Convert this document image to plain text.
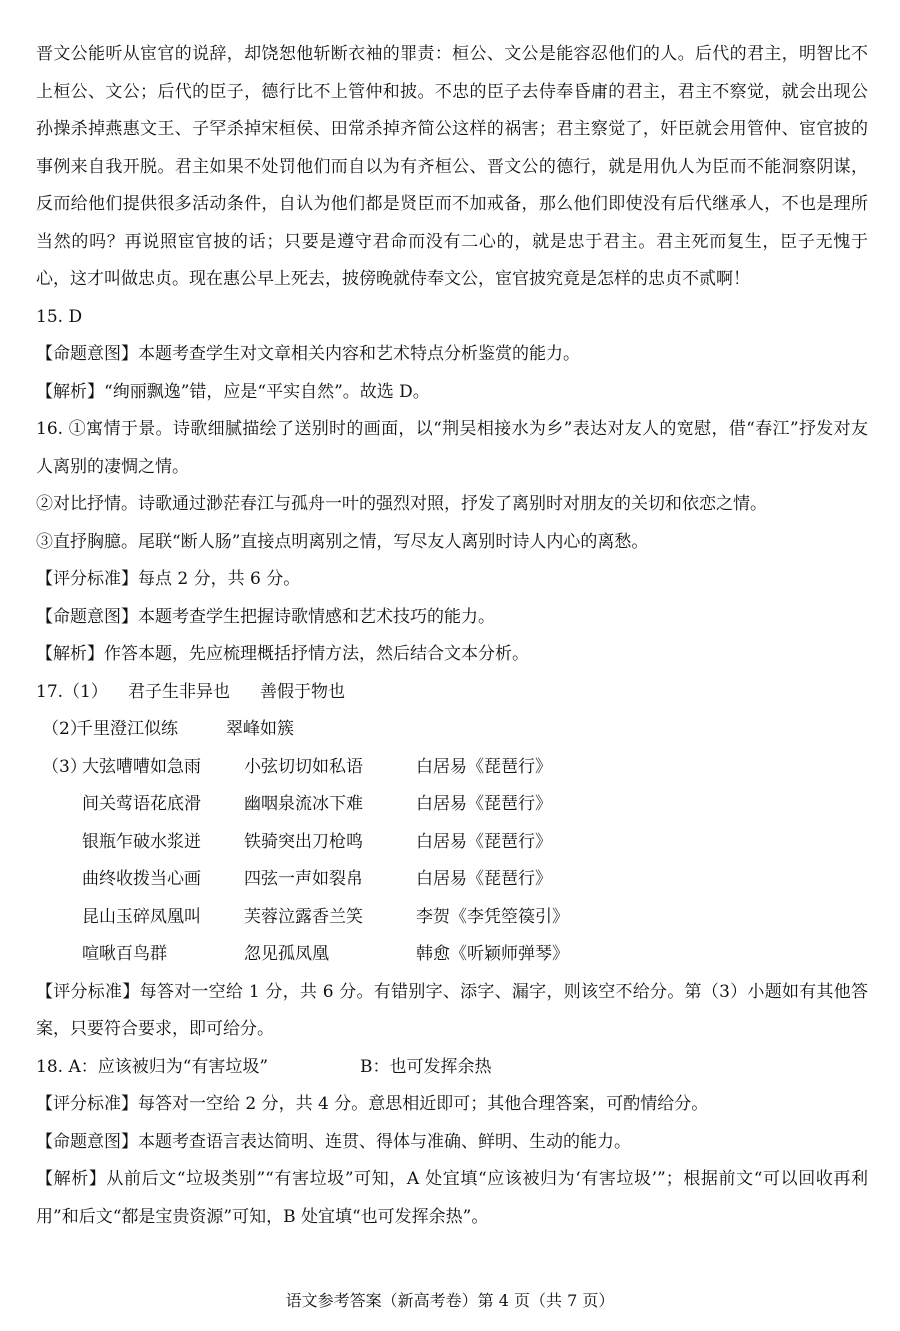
晋文公能听从宦官的说辞，却饶恕他斩断衣袖的罪责：桓公、文公是能容忍他们的人。后代的君主，明智比不上桓公、文公；后代的臣子，德行比不上管仲和披。不忠的臣子去侍奉昏庸的君主，君主不察觉，就会出现公孙操杀掉燕惠文王、子罕杀掉宋桓侯、田常杀掉齐简公这样的祸害；君主察觉了，奸臣就会用管仲、宦官披的事例来自我开脱。君主如果不处罚他们而自以为有齐桓公、晋文公的德行，就是用仇人为臣而不能洞察阴谋，反而给他们提供很多活动条件，自认为他们都是贤臣而不加戒备，那么他们即使没有后代继承人，不也是理所当然的吗？再说照宦官披的话；只要是遵守君命而没有二心的，就是忠于君主。君主死而复生，臣子无愧于心，这才叫做忠贞。现在惠公早上死去，披傍晚就侍奉文公，宦官披究竟是怎样的忠贞不贰啊！
15. D
【命题意图】本题考查学生对文章相关内容和艺术特点分析鉴赏的能力。
【解析】“绚丽飘逸”错，应是“平实自然”。故选 D。
16. ①寓情于景。诗歌细腻描绘了送别时的画面，以“荆吴相接水为乡”表达对友人的宽慰，借“春江”抒发对友人离别的凄惆之情。
②对比抒情。诗歌通过渺茫春江与孤舟一叶的强烈对照，抒发了离别时对朋友的关切和依恋之情。
③直抒胸臆。尾联“断人肠”直接点明离别之情，写尽友人离别时诗人内心的离愁。
【评分标准】每点 2 分，共 6 分。
【命题意图】本题考查学生把握诗歌情感和艺术技巧的能力。
【解析】作答本题，先应梳理概括抒情方法，然后结合文本分析。
17.（1）	君子生非异也	善假于物也
（2）
千里澄江似练	翠峰如簇
（3）
大弦嘈嘈如急雨	小弦切切如私语	白居易《琵琶行》
间关莺语花底滑	幽咽泉流冰下难	白居易《琵琶行》
银瓶乍破水浆迸	铁骑突出刀枪鸣	白居易《琵琶行》
曲终收拨当心画	四弦一声如裂帛	白居易《琵琶行》
昆山玉碎凤凰叫	芙蓉泣露香兰笑	李贺《李凭箜篌引》
喧啾百鸟群	忽见孤凤凰	韩愈《听颖师弹琴》
【评分标准】每答对一空给 1 分，共 6 分。有错别字、添字、漏字，则该空不给分。第（3）小题如有其他答案，只要符合要求，即可给分。
18. A：应该被归为“有害垃圾”	B：也可发挥余热
【评分标准】每答对一空给 2 分，共 4 分。意思相近即可；其他合理答案，可酌情给分。
【命题意图】本题考查语言表达简明、连贯、得体与准确、鲜明、生动的能力。
【解析】从前后文“垃圾类别”“有害垃圾”可知，A 处宜填“应该被归为‘有害垃圾’”；根据前文“可以回收再利用”和后文“都是宝贵资源”可知，B 处宜填“也可发挥余热”。
语文参考答案（新高考卷）第 4 页（共 7 页）
